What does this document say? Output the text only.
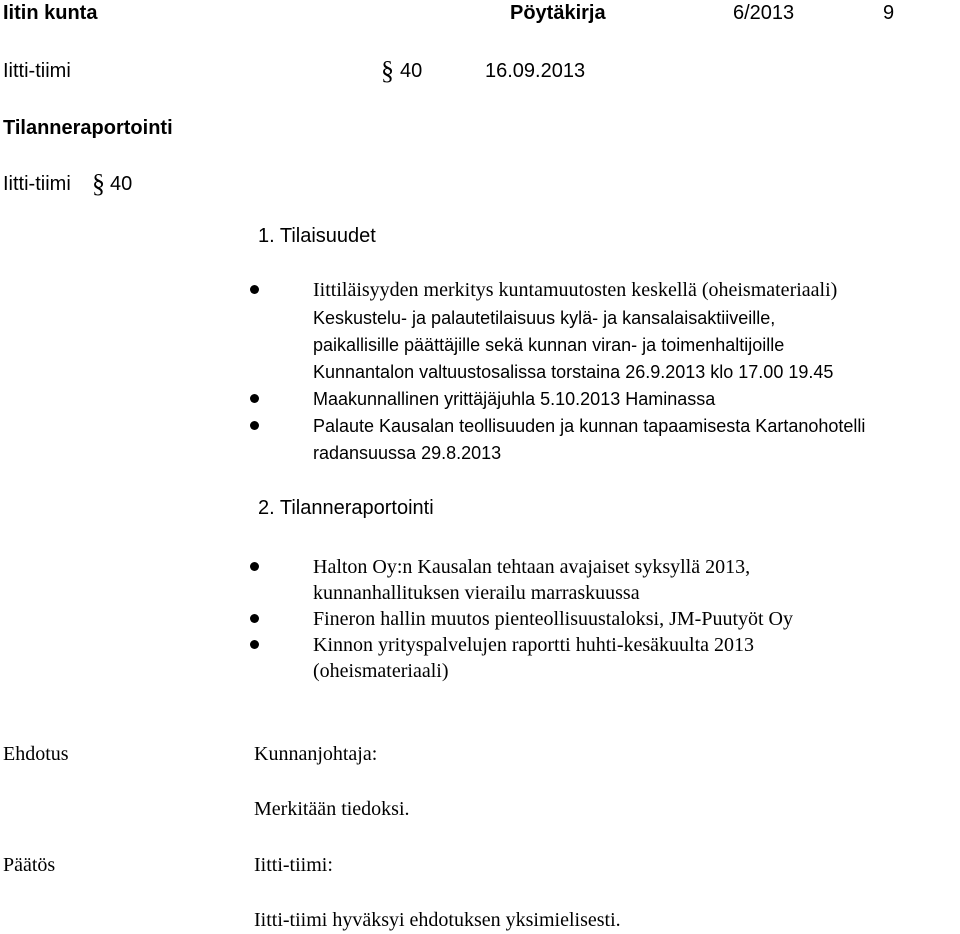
Iitin kunta	Pöytäkirja	6/2013	9
Iitti-tiimi	§ 40	16.09.2013
Tilanneraportointi
Iitti-tiimi § 40
1. Tilaisuudet
Iittiläisyyden merkitys kuntamuutosten keskellä (oheismateriaali)
Keskustelu- ja palautetilaisuus kylä- ja kansalaisaktiiveille,
paikallisille päättäjille sekä kunnan viran- ja toimenhaltijoille
Kunnantalon valtuustosalissa torstaina 26.9.2013 klo 17.00 19.45
Maakunnallinen yrittäjäjuhla 5.10.2013 Haminassa
Palaute Kausalan teollisuuden ja kunnan tapaamisesta Kartanohotelli
radansuussa 29.8.2013
2. Tilanneraportointi
Halton Oy:n Kausalan tehtaan avajaiset syksyllä 2013,
kunnanhallituksen vierailu marraskuussa
Fineron hallin muutos pienteollisuustaloksi, JM-Puutyöt Oy
Kinnon yrityspalvelujen raportti huhti-kesäkuulta 2013
(oheismateriaali)
Ehdotus	Kunnanjohtaja:
Merkitään tiedoksi.
Päätös	Iitti-tiimi:
Iitti-tiimi hyväksyi ehdotuksen yksimielisesti.
